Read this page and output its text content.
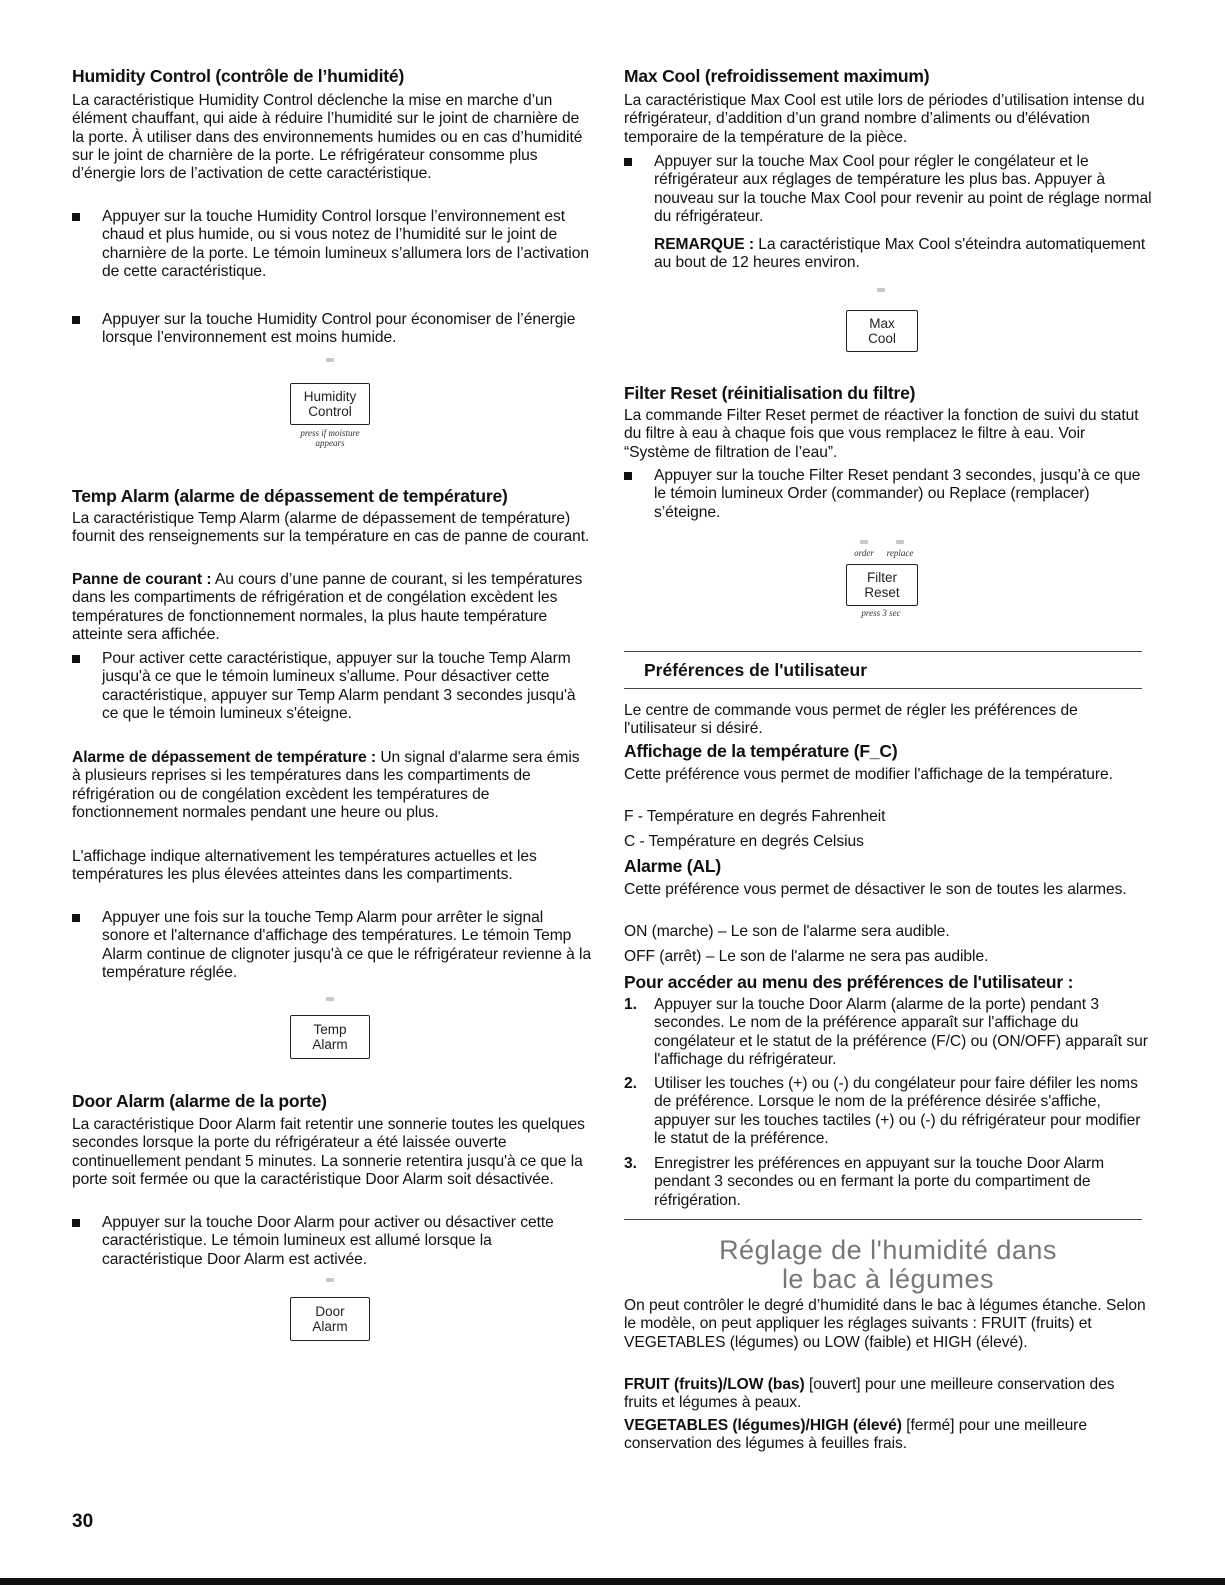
Humidity Control (contrôle de l’humidité)

La caractéristique Humidity Control déclenche la mise en marche d’un élément chauffant, qui aide à réduire l’humidité sur le joint de charnière de la porte. À utiliser dans des environnements humides ou en cas d’humidité sur le joint de charnière de la porte. Le réfrigérateur consomme plus d’énergie lors de l’activation de cette caractéristique.

Appuyer sur la touche Humidity Control lorsque l’environnement est chaud et plus humide, ou si vous notez de l’humidité sur le joint de charnière de la porte. Le témoin lumineux s’allumera lors de l’activation de cette caractéristique.

Appuyer sur la touche Humidity Control pour économiser de l’énergie lorsque l’environnement est moins humide.

Humidity
Control
press if moisture appears
Temp Alarm (alarme de dépassement de température)

La caractéristique Temp Alarm (alarme de dépassement de température) fournit des renseignements sur la température en cas de panne de courant.

Panne de courant : Au cours d’une panne de courant, si les températures dans les compartiments de réfrigération et de congélation excèdent les températures de fonctionnement normales, la plus haute température atteinte sera affichée.

Pour activer cette caractéristique, appuyer sur la touche Temp Alarm jusqu'à ce que le témoin lumineux s'allume. Pour désactiver cette caractéristique, appuyer sur Temp Alarm pendant 3 secondes jusqu'à ce que le témoin lumineux s'éteigne.

Alarme de dépassement de température : Un signal d'alarme sera émis à plusieurs reprises si les températures dans les compartiments de réfrigération ou de congélation excèdent les températures de fonctionnement normales pendant une heure ou plus.

L'affichage indique alternativement les températures actuelles et les températures les plus élevées atteintes dans les compartiments.

Appuyer une fois sur la touche Temp Alarm pour arrêter le signal sonore et l'alternance d'affichage des températures. Le témoin Temp Alarm continue de clignoter jusqu'à ce que le réfrigérateur revienne à la température réglée.

Temp
Alarm
Door Alarm (alarme de la porte)

La caractéristique Door Alarm fait retentir une sonnerie toutes les quelques secondes lorsque la porte du réfrigérateur a été laissée ouverte continuellement pendant 5 minutes. La sonnerie retentira jusqu'à ce que la porte soit fermée ou que la caractéristique Door Alarm soit désactivée.

Appuyer sur la touche Door Alarm pour activer ou désactiver cette caractéristique. Le témoin lumineux est allumé lorsque la caractéristique Door Alarm est activée.

Door
Alarm
Max Cool (refroidissement maximum)

La caractéristique Max Cool est utile lors de périodes d’utilisation intense du réfrigérateur, d’addition d’un grand nombre d’aliments ou d'élévation temporaire de la température de la pièce.

Appuyer sur la touche Max Cool pour régler le congélateur et le réfrigérateur aux réglages de température les plus bas. Appuyer à nouveau sur la touche Max Cool pour revenir au point de réglage normal du réfrigérateur.

REMARQUE : La caractéristique Max Cool s'éteindra automatiquement au bout de 12 heures environ.

Max
Cool
Filter Reset (réinitialisation du filtre)

La commande Filter Reset permet de réactiver la fonction de suivi du statut du filtre à eau à chaque fois que vous remplacez le filtre à eau. Voir “Système de filtration de l’eau”.

Appuyer sur la touche Filter Reset pendant 3 secondes, jusqu’à ce que le témoin lumineux Order (commander) ou Replace (remplacer) s’éteigne.

order	replace
Filter
Reset
press 3 sec
Préférences de l'utilisateur

Le centre de commande vous permet de régler les préférences de l'utilisateur si désiré.

Affichage de la température (F_C)

Cette préférence vous permet de modifier l'affichage de la température.

F - Température en degrés Fahrenheit

C - Température en degrés Celsius

Alarme (AL)

Cette préférence vous permet de désactiver le son de toutes les alarmes.

ON (marche) – Le son de l'alarme sera audible.

OFF (arrêt) – Le son de l'alarme ne sera pas audible.

Pour accéder au menu des préférences de l'utilisateur :

1. Appuyer sur la touche Door Alarm (alarme de la porte) pendant 3 secondes. Le nom de la préférence apparaît sur l'affichage du congélateur et le statut de la préférence (F/C) ou (ON/OFF) apparaît sur l'affichage du réfrigérateur.

2. Utiliser les touches (+) ou (-) du congélateur pour faire défiler les noms de préférence. Lorsque le nom de la préférence désirée s'affiche, appuyer sur les touches tactiles (+) ou (-) du réfrigérateur pour modifier le statut de la préférence.

3. Enregistrer les préférences en appuyant sur la touche Door Alarm pendant 3 secondes ou en fermant la porte du compartiment de réfrigération.

Réglage de l'humidité dans
le bac à légumes

On peut contrôler le degré d’humidité dans le bac à légumes étanche. Selon le modèle, on peut appliquer les réglages suivants : FRUIT (fruits) et VEGETABLES (légumes) ou LOW (faible) et HIGH (élevé).

FRUIT (fruits)/LOW (bas) [ouvert] pour une meilleure conservation des fruits et légumes à peaux.

VEGETABLES (légumes)/HIGH (élevé) [fermé] pour une meilleure conservation des légumes à feuilles frais.

30
